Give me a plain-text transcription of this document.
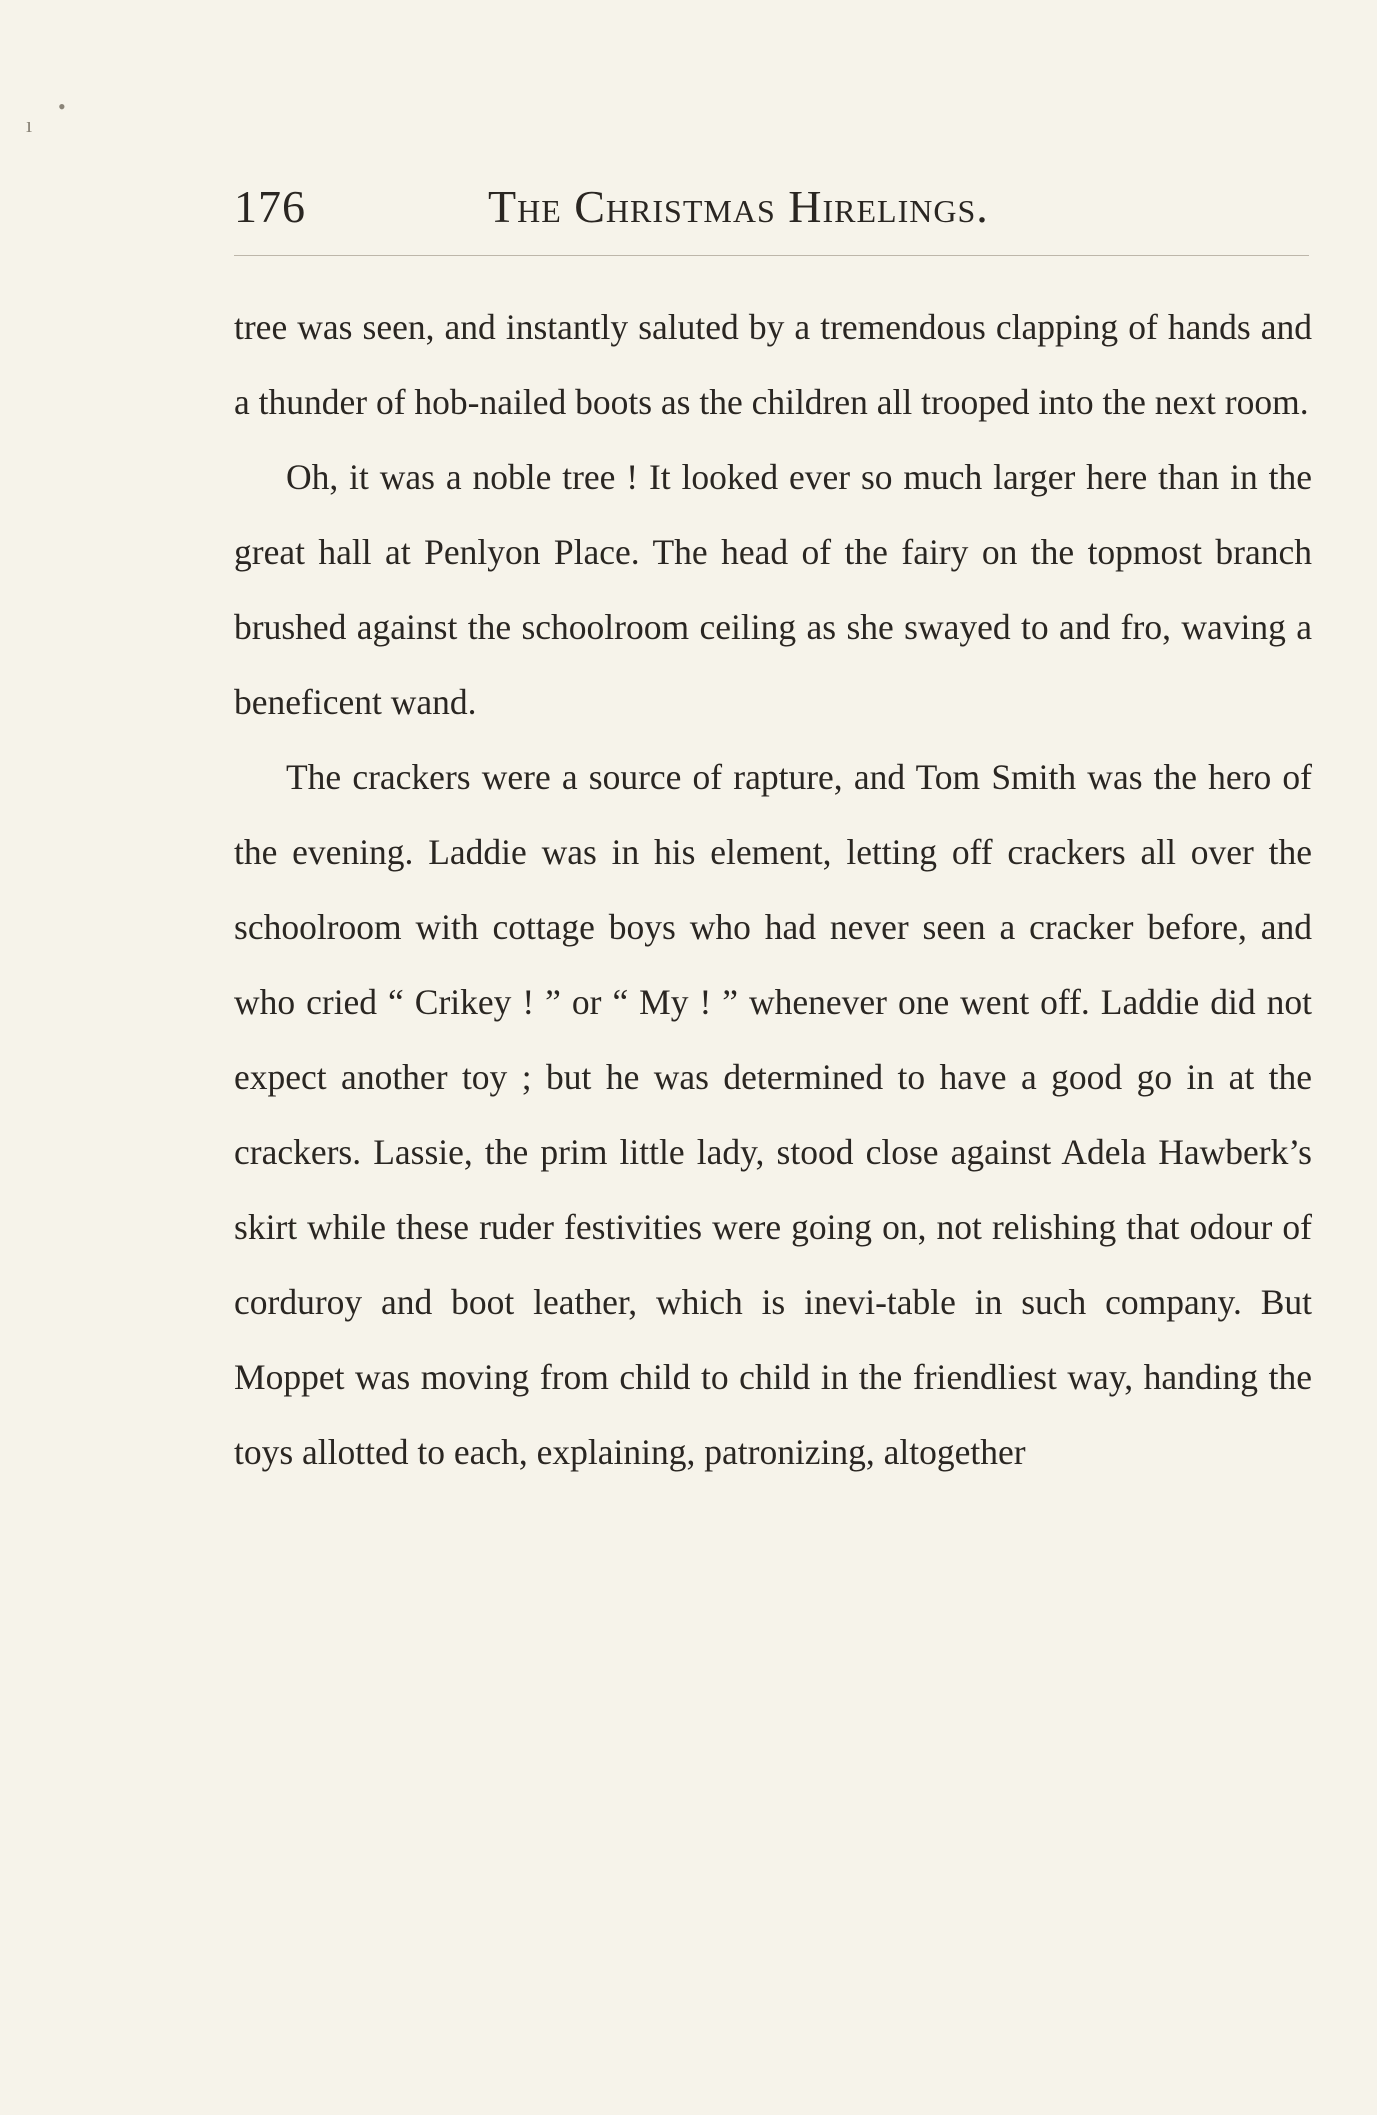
ı
•
176	The Christmas Hirelings.

tree was seen, and instantly saluted by a tremendous clapping of hands and a thunder of hob-nailed boots as the children all trooped into the next room.

Oh, it was a noble tree ! It looked ever so much larger here than in the great hall at Penlyon Place. The head of the fairy on the topmost branch brushed against the schoolroom ceiling as she swayed to and fro, waving a beneficent wand.

The crackers were a source of rapture, and Tom Smith was the hero of the evening. Laddie was in his element, letting off crackers all over the schoolroom with cottage boys who had never seen a cracker before, and who cried “ Crikey ! ” or “ My ! ” whenever one went off. Laddie did not expect another toy ; but he was determined to have a good go in at the crackers. Lassie, the prim little lady, stood close against Adela Hawberk’s skirt while these ruder festivities were going on, not relishing that odour of corduroy and boot leather, which is inevi-table in such company. But Moppet was moving from child to child in the friendliest way, handing the toys allotted to each, explaining, patronizing, altogether
